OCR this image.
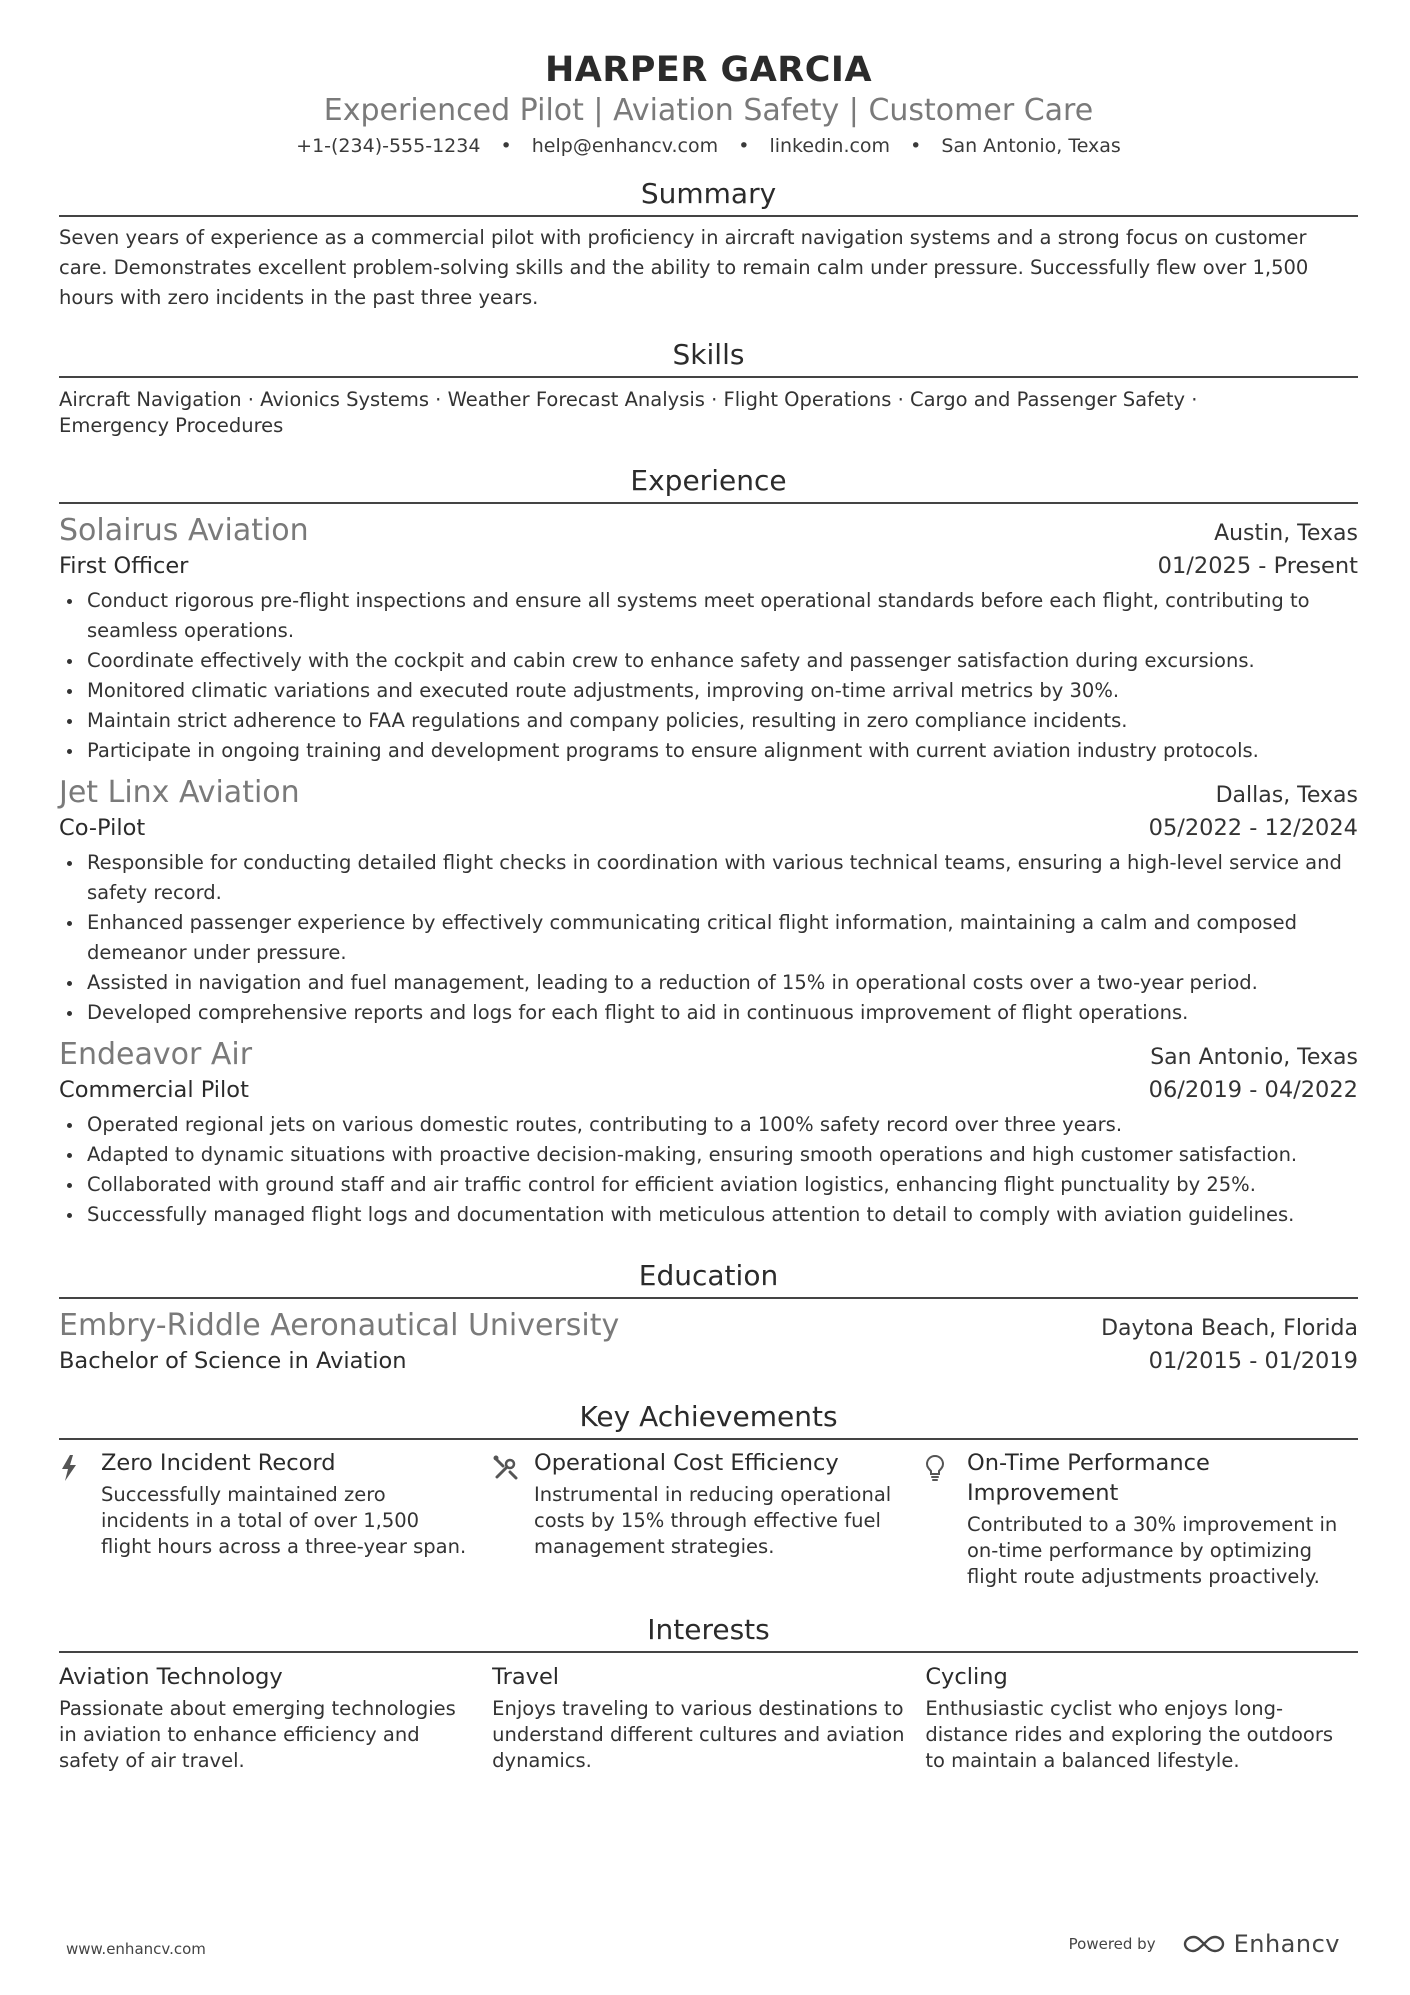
HARPER GARCIA
Experienced Pilot | Aviation Safety | Customer Care
+1-(234)-555-1234 • help@enhancv.com • linkedin.com • San Antonio, Texas
Summary
Seven years of experience as a commercial pilot with proficiency in aircraft navigation systems and a strong focus on customer care. Demonstrates excellent problem-solving skills and the ability to remain calm under pressure. Successfully flew over 1,500 hours with zero incidents in the past three years.
Skills
Aircraft Navigation · Avionics Systems · Weather Forecast Analysis · Flight Operations · Cargo and Passenger Safety ·
Emergency Procedures
Experience
Solairus Aviation	Austin, Texas
First Officer	01/2025 - Present
Conduct rigorous pre-flight inspections and ensure all systems meet operational standards before each flight, contributing to seamless operations.
Coordinate effectively with the cockpit and cabin crew to enhance safety and passenger satisfaction during excursions.
Monitored climatic variations and executed route adjustments, improving on-time arrival metrics by 30%.
Maintain strict adherence to FAA regulations and company policies, resulting in zero compliance incidents.
Participate in ongoing training and development programs to ensure alignment with current aviation industry protocols.
Jet Linx Aviation	Dallas, Texas
Co-Pilot	05/2022 - 12/2024
Responsible for conducting detailed flight checks in coordination with various technical teams, ensuring a high-level service and safety record.
Enhanced passenger experience by effectively communicating critical flight information, maintaining a calm and composed demeanor under pressure.
Assisted in navigation and fuel management, leading to a reduction of 15% in operational costs over a two-year period.
Developed comprehensive reports and logs for each flight to aid in continuous improvement of flight operations.
Endeavor Air	San Antonio, Texas
Commercial Pilot	06/2019 - 04/2022
Operated regional jets on various domestic routes, contributing to a 100% safety record over three years.
Adapted to dynamic situations with proactive decision-making, ensuring smooth operations and high customer satisfaction.
Collaborated with ground staff and air traffic control for efficient aviation logistics, enhancing flight punctuality by 25%.
Successfully managed flight logs and documentation with meticulous attention to detail to comply with aviation guidelines.
Education
Embry-Riddle Aeronautical University	Daytona Beach, Florida
Bachelor of Science in Aviation	01/2015 - 01/2019
Key Achievements
Zero Incident Record
Successfully maintained zero incidents in a total of over 1,500 flight hours across a three-year span.
Operational Cost Efficiency
Instrumental in reducing operational costs by 15% through effective fuel management strategies.
On-Time Performance Improvement
Contributed to a 30% improvement in on-time performance by optimizing flight route adjustments proactively.
Interests
Aviation Technology
Passionate about emerging technologies in aviation to enhance efficiency and safety of air travel.
Travel
Enjoys traveling to various destinations to understand different cultures and aviation dynamics.
Cycling
Enthusiastic cyclist who enjoys long-distance rides and exploring the outdoors to maintain a balanced lifestyle.
www.enhancv.com	Powered by	Enhancv
